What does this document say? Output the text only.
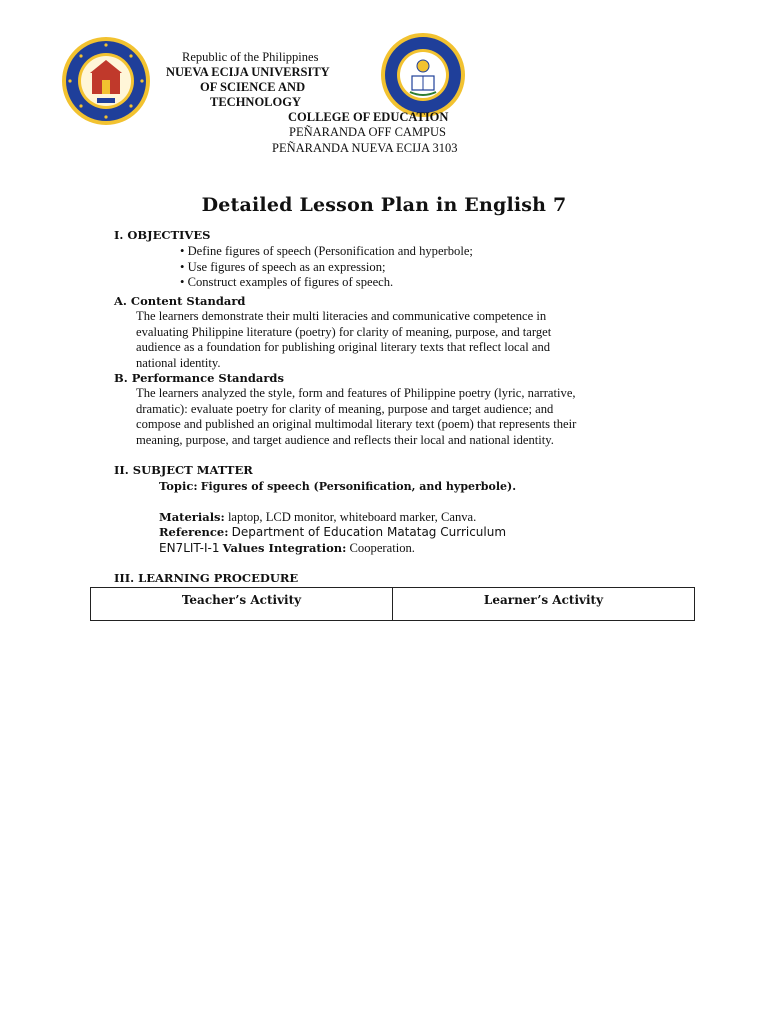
Republic of the Philippines
NUEVA ECIJA UNIVERSITY
OF SCIENCE AND
TECHNOLOGY
COLLEGE OF EDUCATION
PEÑARANDA OFF CAMPUS
PEÑARANDA NUEVA ECIJA 3103
Detailed Lesson Plan in English 7
I. OBJECTIVES
• Define figures of speech (Personification and hyperbole;
• Use figures of speech as an expression;
• Construct examples of figures of speech.
A. Content Standard
The learners demonstrate their multi literacies and communicative competence in
evaluating Philippine literature (poetry) for clarity of meaning, purpose, and target
audience as a foundation for publishing original literary texts that reflect local and
national identity.
B. Performance Standards
The learners analyzed the style, form and features of Philippine poetry (lyric, narrative,
dramatic): evaluate poetry for clarity of meaning, purpose and target audience; and
compose and published an original multimodal literary text (poem) that represents their
meaning, purpose, and target audience and reflects their local and national identity.
II. SUBJECT MATTER
Topic: Figures of speech (Personification, and hyperbole).
Materials: laptop, LCD monitor, whiteboard marker, Canva.
Reference: Department of Education Matatag Curriculum
EN7LIT-I-1 Values Integration: Cooperation.
III. LEARNING PROCEDURE
Teacher’s Activity	Learner’s Activity
